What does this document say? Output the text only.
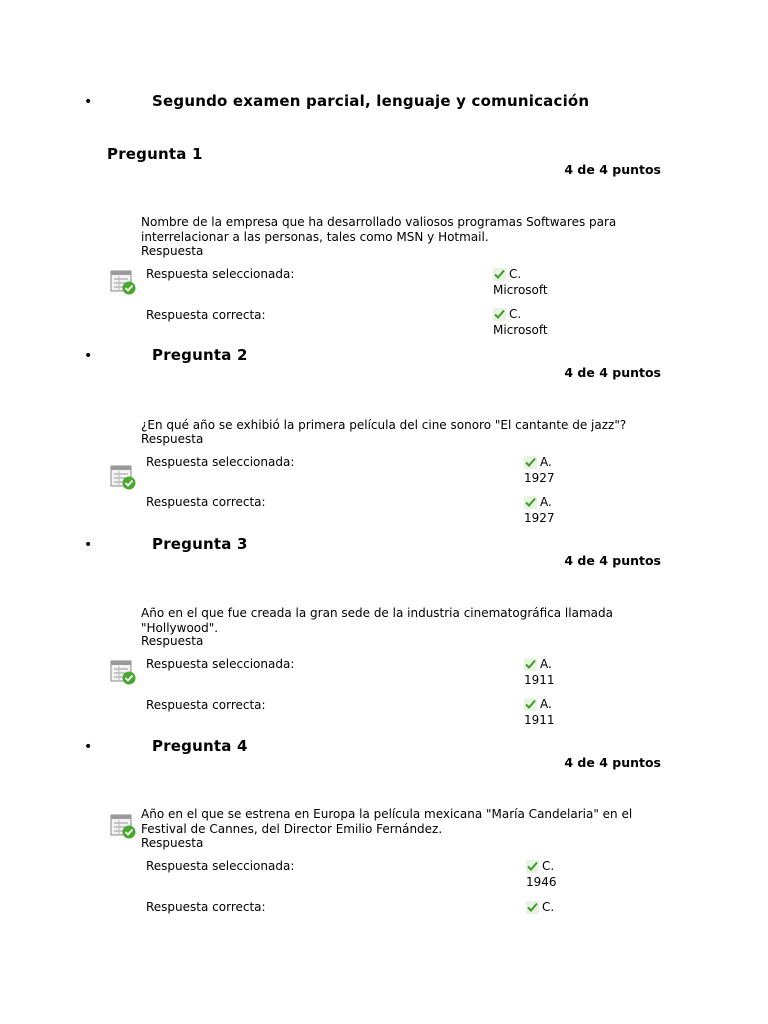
•	Segundo examen parcial, lenguaje y comunicación
Pregunta 1
4 de 4 puntos
Nombre de la empresa que ha desarrollado valiosos programas Softwares para interrelacionar a las personas, tales como MSN y Hotmail.
Respuesta
Respuesta seleccionada:	C.
Microsoft
Respuesta correcta:	C.
Microsoft
•	Pregunta 2
4 de 4 puntos
¿En qué año se exhibió la primera película del cine sonoro "El cantante de jazz"?
Respuesta
Respuesta seleccionada:	A.
1927
Respuesta correcta:	A.
1927
•	Pregunta 3
4 de 4 puntos
Año en el que fue creada la gran sede de la industria cinematográfica llamada "Hollywood".
Respuesta
Respuesta seleccionada:	A.
1911
Respuesta correcta:	A.
1911
•	Pregunta 4
4 de 4 puntos
Año en el que se estrena en Europa la película mexicana "María Candelaria" en el Festival de Cannes, del Director Emilio Fernández.
Respuesta
Respuesta seleccionada:	C.
1946
Respuesta correcta:	C.
